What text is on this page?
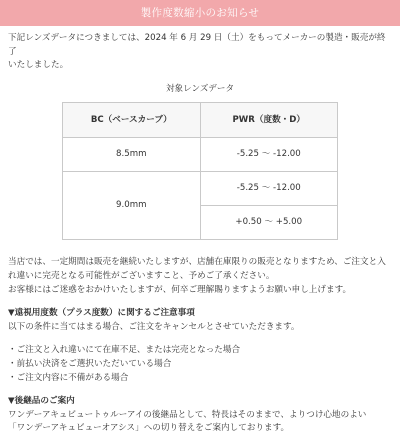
製作度数縮小のお知らせ

下記レンズデータにつきましては、2024 年 6 月 29 日（土）をもってメーカーの製造・販売が終了
いたしました。

対象レンズデータ

BC（ベースカーブ）	PWR（度数・D）
8.5mm	-5.25 ～ -12.00
9.0mm	-5.25 ～ -12.00
	+0.50 ～ +5.00

当店では、一定期間は販売を継続いたしますが、店舗在庫限りの販売となりますため、ご注文と入
れ違いに完売となる可能性がございますこと、予めご了承ください。
お客様にはご迷惑をおかけいたしますが、何卒ご理解賜りますようお願い申し上げます。

▼遠視用度数（プラス度数）に関するご注意事項

以下の条件に当てはまる場合、ご注文をキャンセルとさせていただきます。

・ご注文と入れ違いにて在庫不足、または完売となった場合
・前払い決済をご選択いただいている場合
・ご注文内容に不備がある場合

▼後継品のご案内

ワンデーアキュビュートゥルーアイの後継品として、特長はそのままで、よりつけ心地のよい
「ワンデーアキュビューオアシス」への切り替えをご案内しております。
